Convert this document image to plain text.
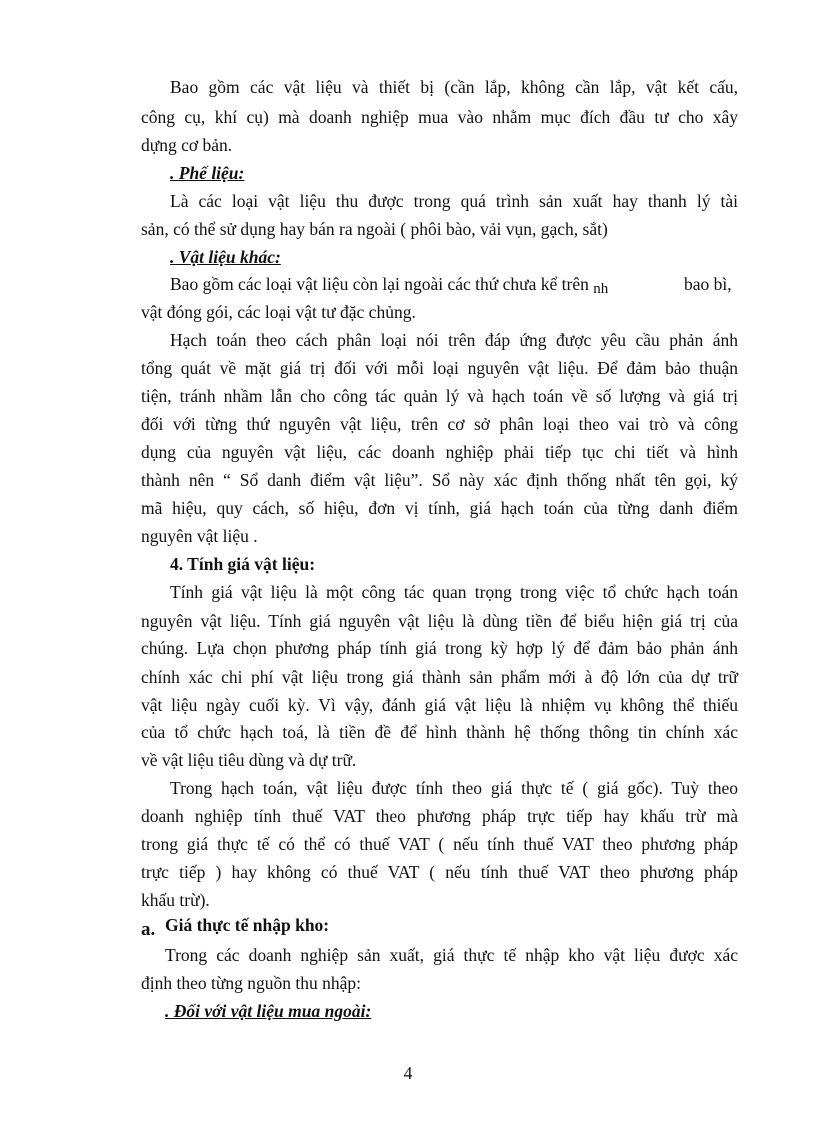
Bao gồm các vật liệu và thiết bị (cần lắp, không cần lắp, vật kết cấu,
công cụ, khí cụ) mà doanh nghiệp mua vào nhằm mục đích đầu tư cho xây
dựng cơ bản.
. Phế liệu:
Là các loại vật liệu thu được trong quá trình sản xuất hay thanh lý tài
sản, có thể sử dụng hay bán ra ngoài ( phôi bào, vải vụn, gạch, sắt)
. Vật liệu khác:
Bao gồm các loại vật liệu còn lại ngoài các thứ chưa kể trên nh	bao bì,
vật đóng gói, các loại vật tư đặc chủng.
Hạch toán theo cách phân loại nói trên đáp ứng được yêu cầu phản ánh
tổng quát về mặt giá trị đối với mỗi loại nguyên vật liệu. Để đảm bảo thuận
tiện, tránh nhầm lẫn cho công tác quản lý và hạch toán về số lượng và giá trị
đối với từng thứ nguyên vật liệu, trên cơ sở phân loại theo vai trò và công
dụng của nguyên vật liệu, các doanh nghiệp phải tiếp tục chi tiết và hình
thành nên “ Sổ danh điểm vật liệu”. Sổ này xác định thống nhất tên gọi, ký
mã hiệu, quy cách, số hiệu, đơn vị tính, giá hạch toán của từng danh điểm
nguyên vật liệu .
4. Tính giá vật liệu:
Tính giá vật liệu là một công tác quan trọng trong việc tổ chức hạch toán
nguyên vật liệu. Tính giá nguyên vật liệu là dùng tiền để biểu hiện giá trị của
chúng. Lựa chọn phương pháp tính giá trong kỳ hợp lý để đảm bảo phản ánh
chính xác chi phí vật liệu trong giá thành sản phẩm mới à độ lớn của dự trữ
vật liệu ngày cuối kỳ. Vì vậy, đánh giá vật liệu là nhiệm vụ không thể thiếu
của tổ chức hạch toá, là tiền đề để hình thành hệ thống thông tin chính xác
về vật liệu tiêu dùng và dự trữ.
Trong hạch toán, vật liệu được tính theo giá thực tế ( giá gốc). Tuỳ theo
doanh nghiệp tính thuế VAT theo phương pháp trực tiếp hay khấu trừ mà
trong giá thực tế có thể có thuế VAT ( nếu tính thuế VAT theo phương pháp
trực tiếp ) hay không có thuế VAT ( nếu tính thuế VAT theo phương pháp
khấu trừ).
a. Giá thực tế nhập kho:
Trong các doanh nghiệp sản xuất, giá thực tế nhập kho vật liệu được xác
định theo từng nguồn thu nhập:
. Đối với vật liệu mua ngoài:
4
